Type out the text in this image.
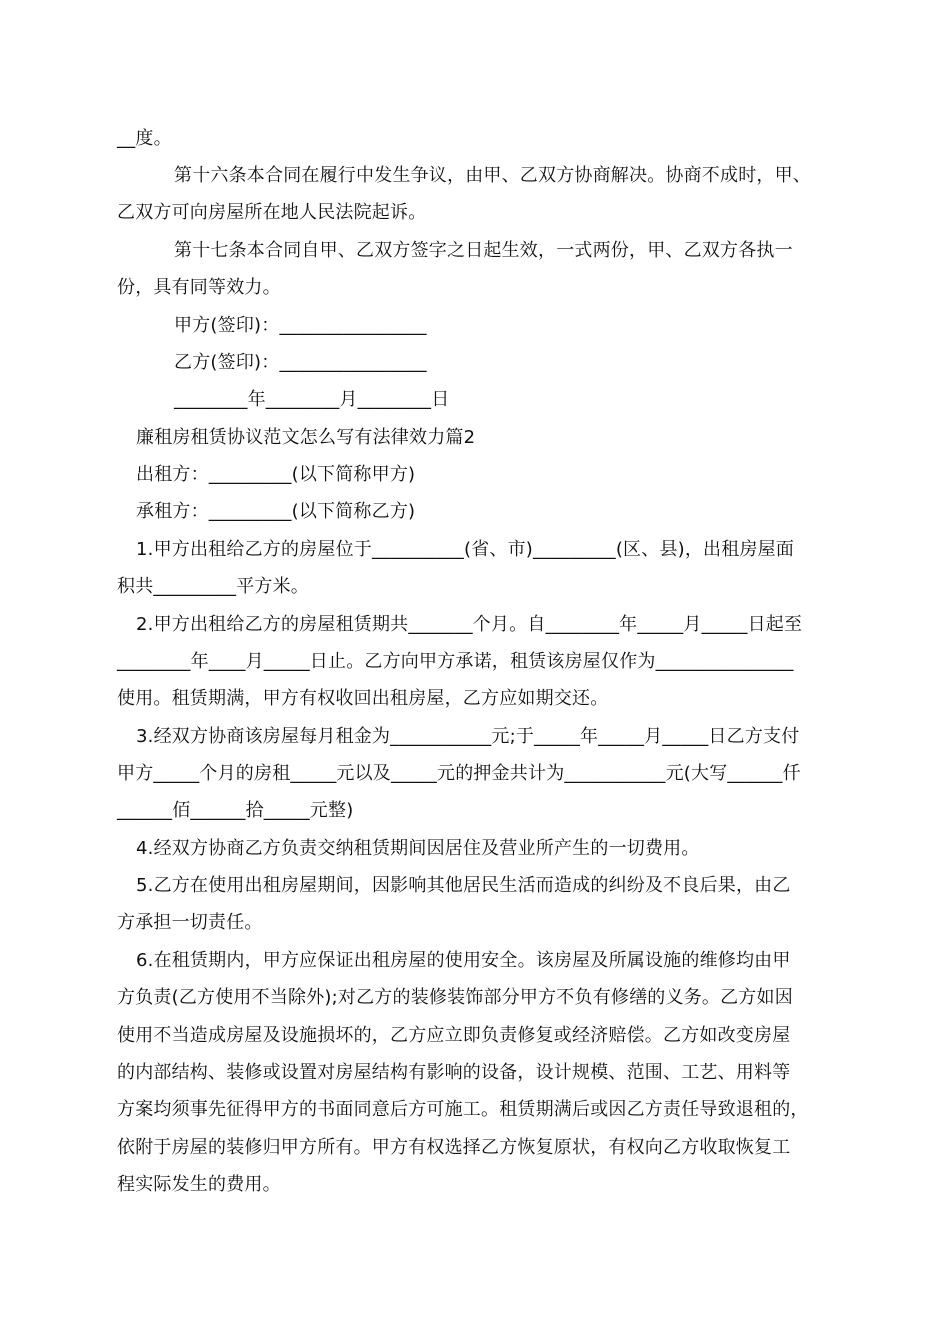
__度。
第十六条本合同在履行中发生争议，由甲、乙双方协商解决。协商不成时，甲、
乙双方可向房屋所在地人民法院起诉。
第十七条本合同自甲、乙双方签字之日起生效，一式两份，甲、乙双方各执一
份，具有同等效力。
甲方(签印)：________________
乙方(签印)：________________
________年________月________日
廉租房租赁协议范文怎么写有法律效力篇2
出租方：_________(以下简称甲方)
承租方：_________(以下简称乙方)
1.甲方出租给乙方的房屋位于__________(省、市)_________(区、县)，出租房屋面
积共_________平方米。
2.甲方出租给乙方的房屋租赁期共_______个月。自________年_____月_____日起至
________年____月_____日止。乙方向甲方承诺，租赁该房屋仅作为_______________
使用。租赁期满，甲方有权收回出租房屋，乙方应如期交还。
3.经双方协商该房屋每月租金为___________元;于_____年_____月_____日乙方支付
甲方_____个月的房租_____元以及_____元的押金共计为___________元(大写______仟
______佰______拾_____元整)
4.经双方协商乙方负责交纳租赁期间因居住及营业所产生的一切费用。
5.乙方在使用出租房屋期间，因影响其他居民生活而造成的纠纷及不良后果，由乙
方承担一切责任。
6.在租赁期内，甲方应保证出租房屋的使用安全。该房屋及所属设施的维修均由甲
方负责(乙方使用不当除外);对乙方的装修装饰部分甲方不负有修缮的义务。乙方如因
使用不当造成房屋及设施损坏的，乙方应立即负责修复或经济赔偿。乙方如改变房屋
的内部结构、装修或设置对房屋结构有影响的设备，设计规模、范围、工艺、用料等
方案均须事先征得甲方的书面同意后方可施工。租赁期满后或因乙方责任导致退租的，
依附于房屋的装修归甲方所有。甲方有权选择乙方恢复原状，有权向乙方收取恢复工
程实际发生的费用。
